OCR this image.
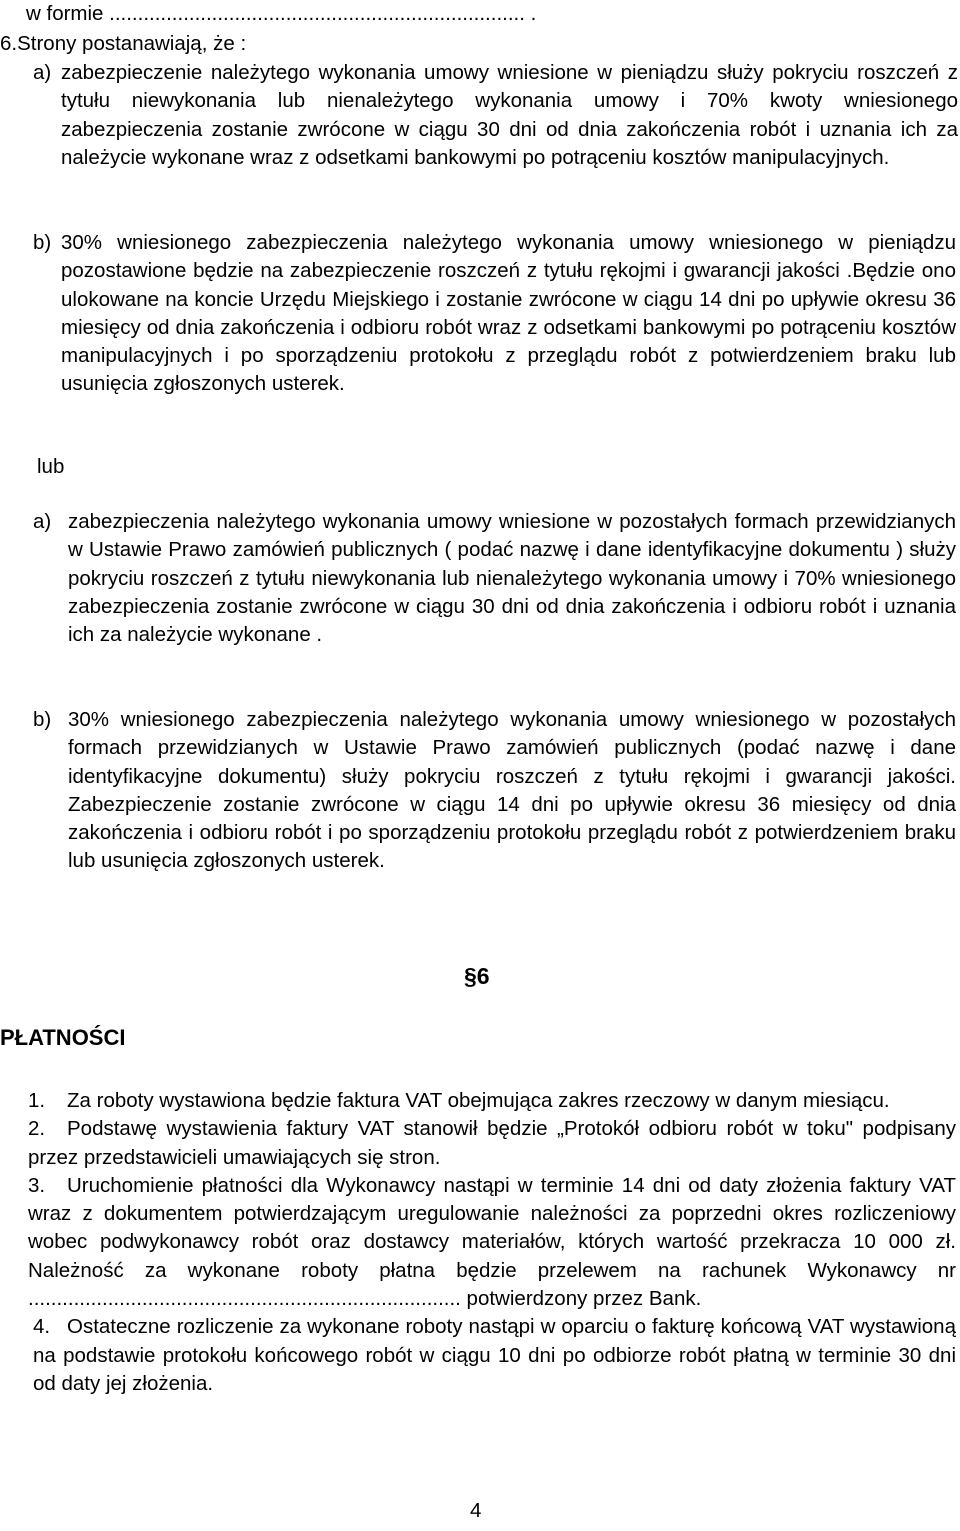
w formie ......................................................................... .
6.Strony postanawiają, że :
a) zabezpieczenie należytego wykonania umowy wniesione w pieniądzu służy pokryciu roszczeń z tytułu niewykonania lub nienależytego wykonania umowy i 70% kwoty wniesionego zabezpieczenia zostanie zwrócone w ciągu 30 dni od dnia zakończenia robót i uznania ich za należycie wykonane wraz z odsetkami bankowymi po potrąceniu kosztów manipulacyjnych.
b) 30% wniesionego zabezpieczenia należytego wykonania umowy wniesionego w pieniądzu pozostawione będzie na zabezpieczenie roszczeń z tytułu rękojmi i gwarancji jakości .Będzie ono ulokowane na koncie Urzędu Miejskiego i zostanie zwrócone w ciągu 14 dni po upływie okresu 36 miesięcy od dnia zakończenia i odbioru robót wraz z odsetkami bankowymi po potrąceniu kosztów manipulacyjnych i po sporządzeniu protokołu z przeglądu robót z potwierdzeniem braku lub usunięcia zgłoszonych usterek.
lub
a) zabezpieczenia należytego wykonania umowy wniesione w pozostałych formach przewidzianych w Ustawie Prawo zamówień publicznych ( podać nazwę i dane identyfikacyjne dokumentu ) służy pokryciu roszczeń z tytułu niewykonania lub nienależytego wykonania umowy i 70% wniesionego zabezpieczenia zostanie zwrócone w ciągu 30 dni od dnia zakończenia i odbioru robót i uznania ich za należycie wykonane .
b) 30% wniesionego zabezpieczenia należytego wykonania umowy wniesionego w pozostałych formach przewidzianych w Ustawie Prawo zamówień publicznych (podać nazwę i dane identyfikacyjne dokumentu) służy pokryciu roszczeń z tytułu rękojmi i gwarancji jakości. Zabezpieczenie zostanie zwrócone w ciągu 14 dni po upływie okresu 36 miesięcy od dnia zakończenia i odbioru robót i po sporządzeniu protokołu przeglądu robót z potwierdzeniem braku lub usunięcia zgłoszonych usterek.
§6
PŁATNOŚCI
1.	Za roboty wystawiona będzie faktura VAT obejmująca zakres rzeczowy w danym miesiącu.
2.	Podstawę wystawienia faktury VAT stanowił będzie „Protokół odbioru robót w toku" podpisany przez przedstawicieli umawiających się stron.
3.	Uruchomienie płatności dla Wykonawcy nastąpi w terminie 14 dni od daty złożenia faktury VAT wraz z dokumentem potwierdzającym uregulowanie należności za poprzedni okres rozliczeniowy wobec podwykonawcy robót oraz dostawcy materiałów, których wartość przekracza 10 000 zł. Należność za wykonane roboty płatna będzie przelewem na rachunek Wykonawcy nr ............................................................................ potwierdzony przez Bank.
4. Ostateczne rozliczenie za wykonane roboty nastąpi w oparciu o fakturę końcową VAT wystawioną na podstawie protokołu końcowego robót w ciągu 10 dni po odbiorze robót płatną w terminie 30 dni od daty jej złożenia.
4
